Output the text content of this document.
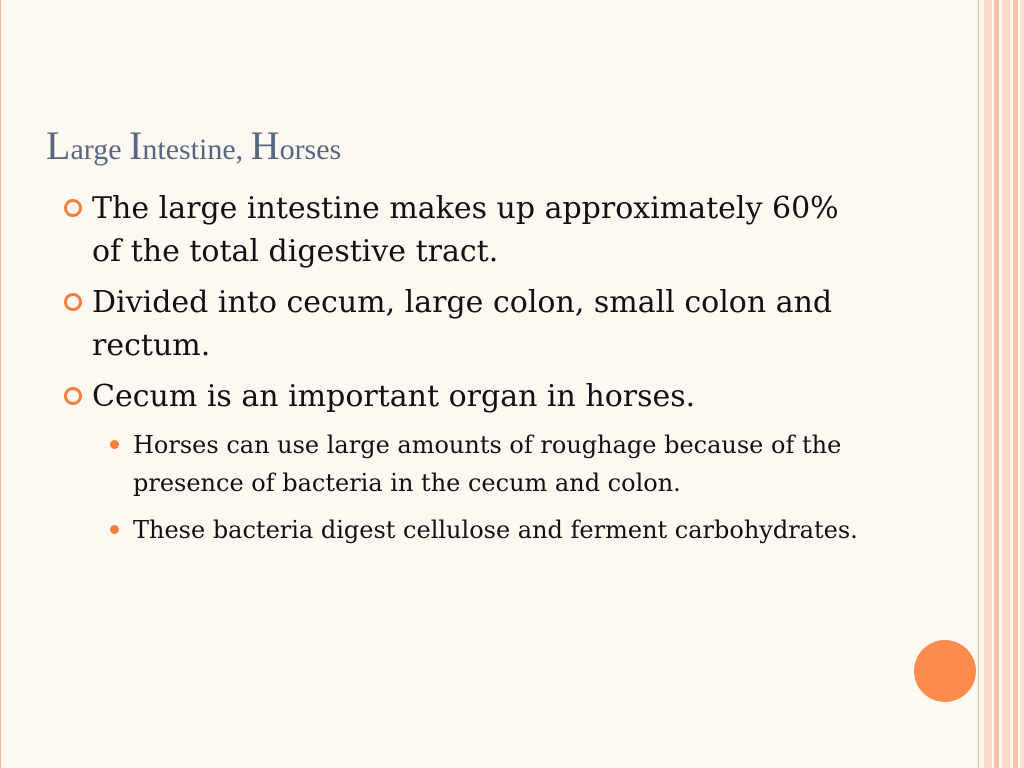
Large Intestine, Horses
The large intestine makes up approximately 60% of the total digestive tract.
Divided into cecum, large colon, small colon and rectum.
Cecum is an important organ in horses.
Horses can use large amounts of roughage because of the presence of bacteria in the cecum and colon.
These bacteria digest cellulose and ferment carbohydrates.
